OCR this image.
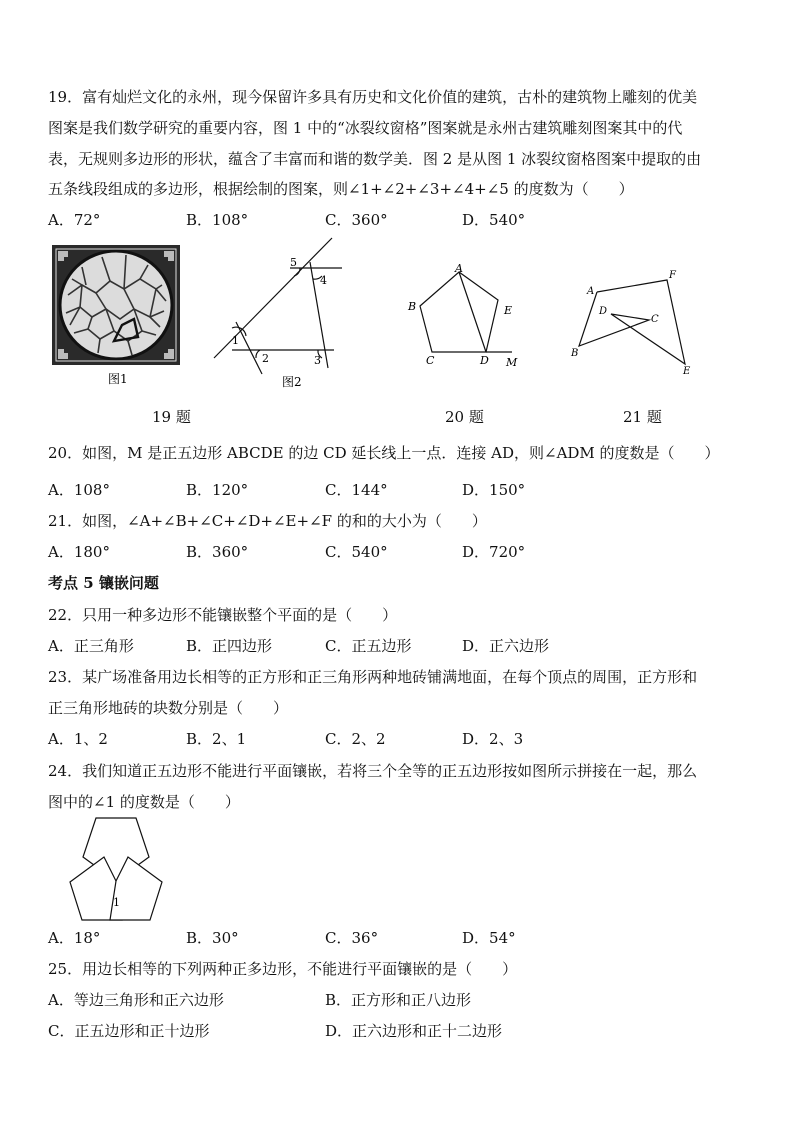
19．富有灿烂文化的永州，现今保留许多具有历史和文化价值的建筑，古朴的建筑物上雕刻的优美
图案是我们数学研究的重要内容，图 1 中的“冰裂纹窗格”图案就是永州古建筑雕刻图案其中的代
表，无规则多边形的形状，蕴含了丰富而和谐的数学美．图 2 是从图 1 冰裂纹窗格图案中提取的由
五条线段组成的多边形，根据绘制的图案，则∠1+∠2+∠3+∠4+∠5 的度数为（　　）
A．72°	B．108°	C．360°	D．540°
图1
1
2	3
4
5
图2
A
B
C	D
E
M
A
B
C
D
E
F
19 题	20 题	21 题
20．如图，M 是正五边形 ABCDE 的边 CD 延长线上一点．连接 AD，则∠ADM 的度数是（　　）
A．108°	B．120°	C．144°	D．150°
21．如图，∠A+∠B+∠C+∠D+∠E+∠F 的和的大小为（　　）
A．180°	B．360°	C．540°	D．720°
考点 5 镶嵌问题
22．只用一种多边形不能镶嵌整个平面的是（　　）
A．正三角形	B．正四边形	C．正五边形	D．正六边形
23．某广场准备用边长相等的正方形和正三角形两种地砖铺满地面，在每个顶点的周围，正方形和
正三角形地砖的块数分别是（　　）
A．1、2	B．2、1	C．2、2	D．2、3
24．我们知道正五边形不能进行平面镶嵌，若将三个全等的正五边形按如图所示拼接在一起，那么
图中的∠1 的度数是（　　）
1
A．18°	B．30°	C．36°	D．54°
25．用边长相等的下列两种正多边形，不能进行平面镶嵌的是（　　）
A．等边三角形和正六边形	B．正方形和正八边形
C．正五边形和正十边形	D．正六边形和正十二边形
